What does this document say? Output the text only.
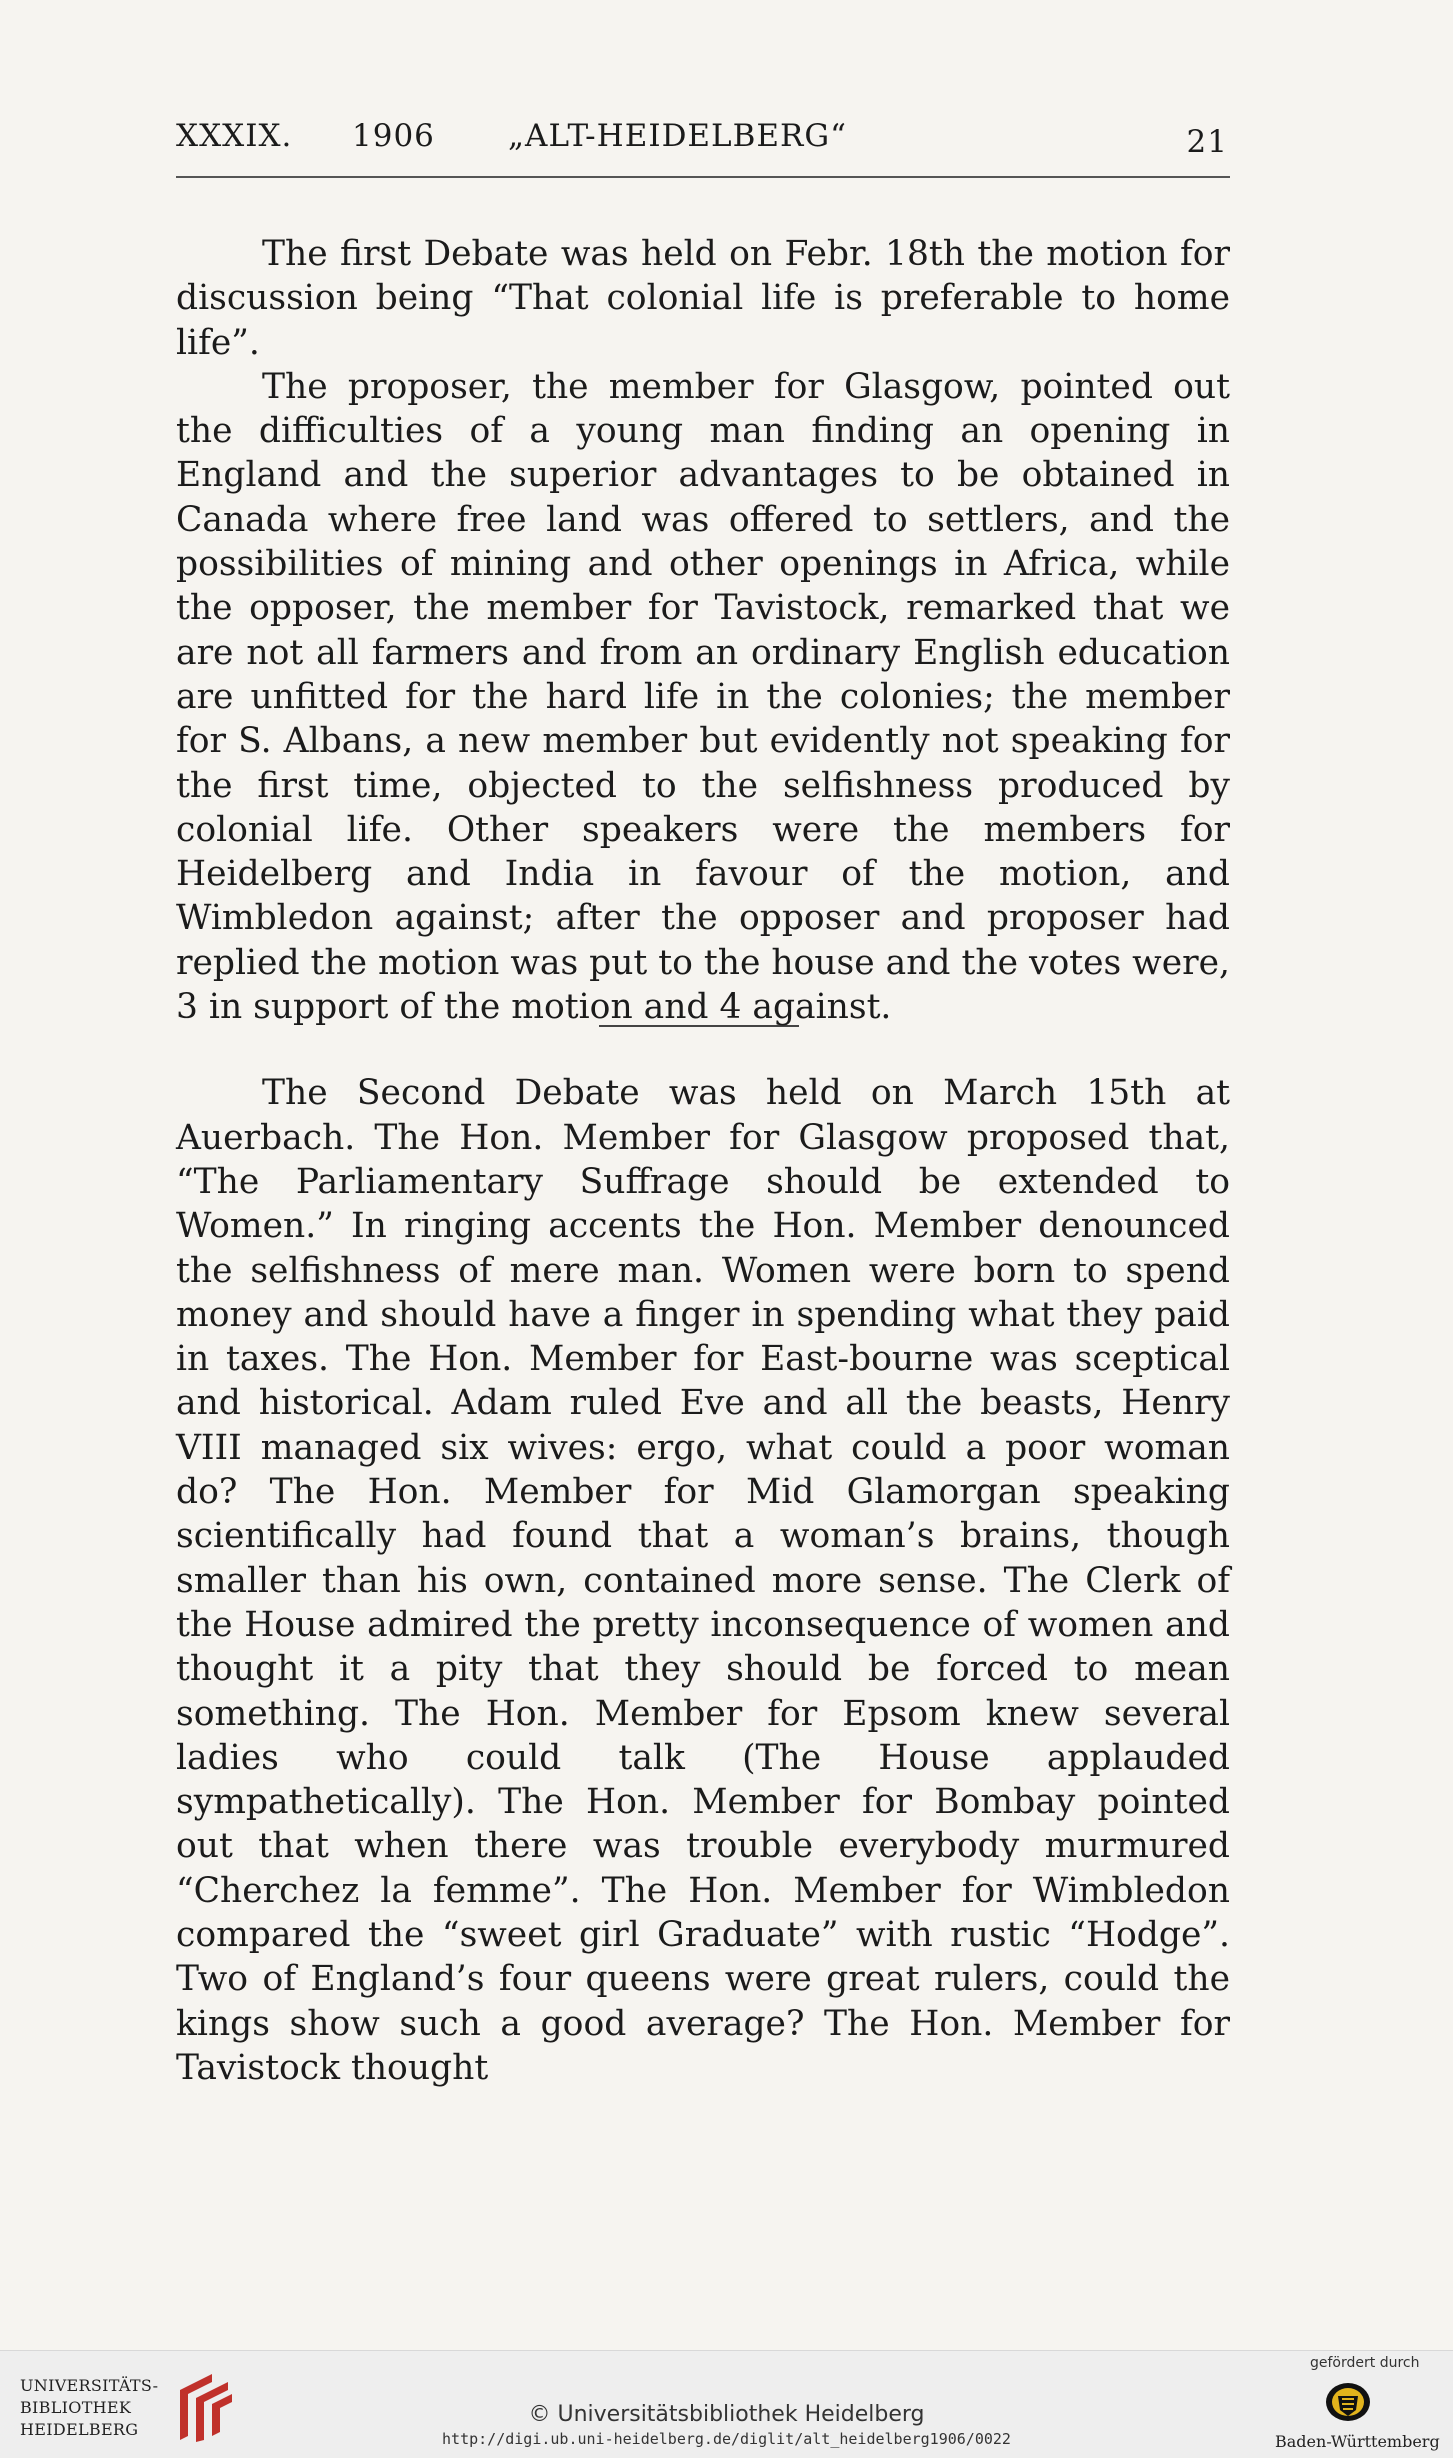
XXXIX. 1906 „ALT-HEIDELBERG“	21

The first Debate was held on Febr. 18th the motion for discussion being “That colonial life is preferable to home life”.

The proposer, the member for Glasgow, pointed out the difficulties of a young man finding an opening in England and the superior advantages to be obtained in Canada where free land was offered to settlers, and the possibilities of mining and other openings in Africa, while the opposer, the member for Tavistock, remarked that we are not all farmers and from an ordinary English education are unfitted for the hard life in the colonies; the member for S. Albans, a new member but evidently not speaking for the first time, objected to the selfishness produced by colonial life. Other speakers were the members for Heidelberg and India in favour of the motion, and Wimbledon against; after the opposer and proposer had replied the motion was put to the house and the votes were, 3 in support of the motion and 4 against.

The Second Debate was held on March 15th at Auerbach. The Hon. Member for Glasgow proposed that, “The Parliamentary Suffrage should be extended to Women.” In ringing accents the Hon. Member denounced the selfishness of mere man. Women were born to spend money and should have a finger in spending what they paid in taxes. The Hon. Member for East-bourne was sceptical and historical. Adam ruled Eve and all the beasts, Henry VIII managed six wives: ergo, what could a poor woman do? The Hon. Member for Mid Glamorgan speaking scientifically had found that a woman’s brains, though smaller than his own, contained more sense. The Clerk of the House admired the pretty inconsequence of women and thought it a pity that they should be forced to mean something. The Hon. Member for Epsom knew several ladies who could talk (The House applauded sympathetically). The Hon. Member for Bombay pointed out that when there was trouble everybody murmured “Cherchez la femme”. The Hon. Member for Wimbledon compared the “sweet girl Graduate” with rustic “Hodge”. Two of England’s four queens were great rulers, could the kings show such a good average? The Hon. Member for Tavistock thought

UNIVERSITÄTS-
BIBLIOTHEK
HEIDELBERG
© Universitätsbibliothek Heidelberg
http://digi.ub.uni-heidelberg.de/diglit/alt_heidelberg1906/0022
gefördert durch
Baden-Württemberg
